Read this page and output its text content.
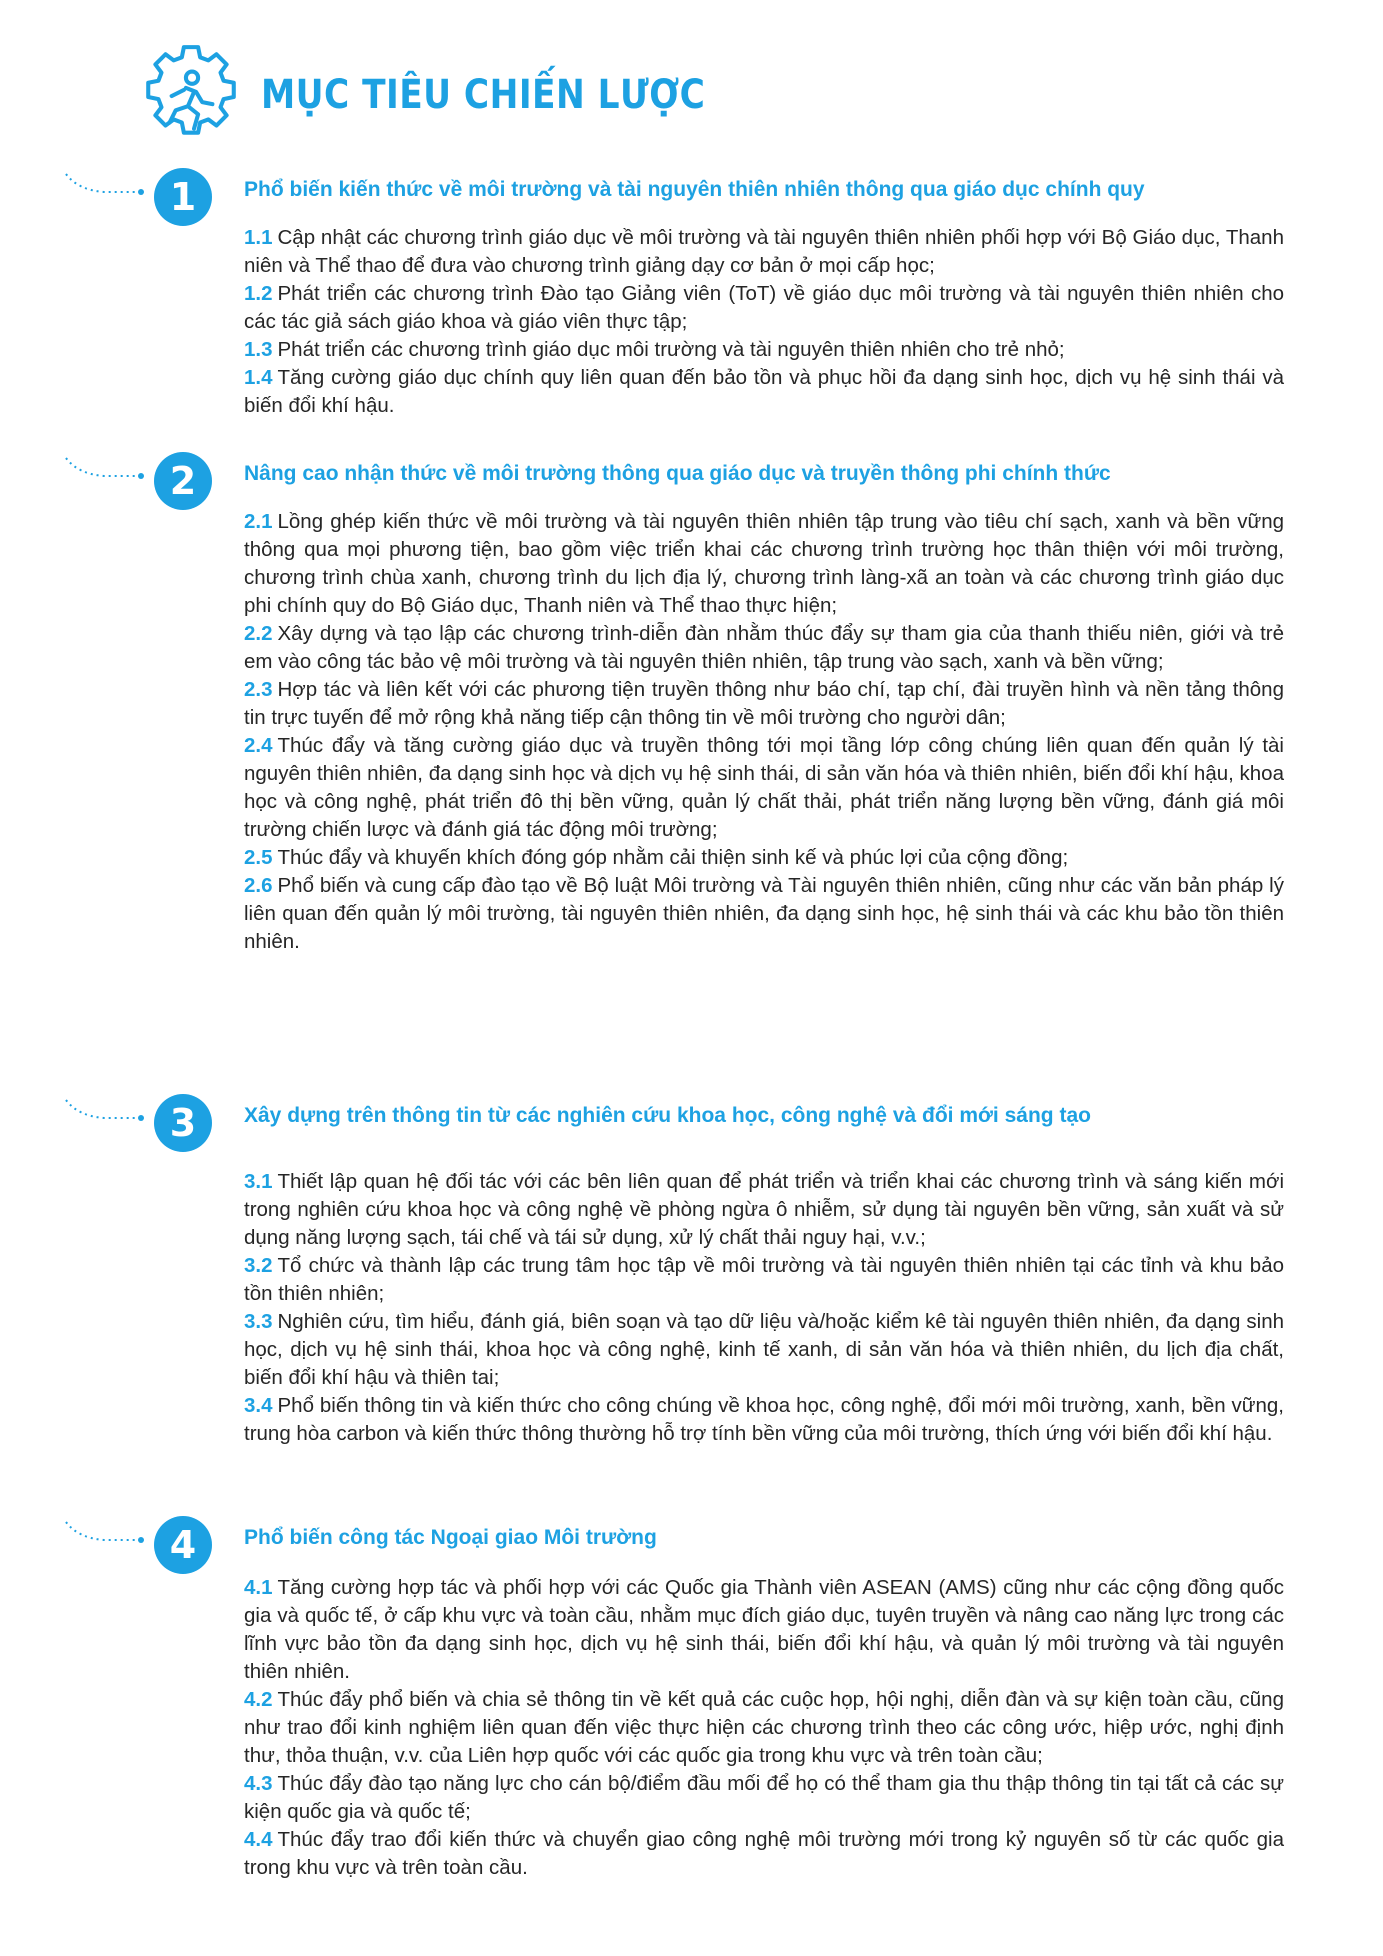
MỤC TIÊU CHIẾN LƯỢC
1	Phổ biến kiến thức về môi trường và tài nguyên thiên nhiên thông qua giáo dục chính quy
1.1 Cập nhật các chương trình giáo dục về môi trường và tài nguyên thiên nhiên phối hợp với Bộ Giáo dục, Thanh niên và Thể thao để đưa vào chương trình giảng dạy cơ bản ở mọi cấp học;
1.2 Phát triển các chương trình Đào tạo Giảng viên (ToT) về giáo dục môi trường và tài nguyên thiên nhiên cho các tác giả sách giáo khoa và giáo viên thực tập;
1.3 Phát triển các chương trình giáo dục môi trường và tài nguyên thiên nhiên cho trẻ nhỏ;
1.4 Tăng cường giáo dục chính quy liên quan đến bảo tồn và phục hồi đa dạng sinh học, dịch vụ hệ sinh thái và biến đổi khí hậu.
2	Nâng cao nhận thức về môi trường thông qua giáo dục và truyền thông phi chính thức
2.1 Lồng ghép kiến thức về môi trường và tài nguyên thiên nhiên tập trung vào tiêu chí sạch, xanh và bền vững thông qua mọi phương tiện, bao gồm việc triển khai các chương trình trường học thân thiện với môi trường, chương trình chùa xanh, chương trình du lịch địa lý, chương trình làng-xã an toàn và các chương trình giáo dục phi chính quy do Bộ Giáo dục, Thanh niên và Thể thao thực hiện;
2.2 Xây dựng và tạo lập các chương trình-diễn đàn nhằm thúc đẩy sự tham gia của thanh thiếu niên, giới và trẻ em vào công tác bảo vệ môi trường và tài nguyên thiên nhiên, tập trung vào sạch, xanh và bền vững;
2.3 Hợp tác và liên kết với các phương tiện truyền thông như báo chí, tạp chí, đài truyền hình và nền tảng thông tin trực tuyến để mở rộng khả năng tiếp cận thông tin về môi trường cho người dân;
2.4 Thúc đẩy và tăng cường giáo dục và truyền thông tới mọi tầng lớp công chúng liên quan đến quản lý tài nguyên thiên nhiên, đa dạng sinh học và dịch vụ hệ sinh thái, di sản văn hóa và thiên nhiên, biến đổi khí hậu, khoa học và công nghệ, phát triển đô thị bền vững, quản lý chất thải, phát triển năng lượng bền vững, đánh giá môi trường chiến lược và đánh giá tác động môi trường;
2.5 Thúc đẩy và khuyến khích đóng góp nhằm cải thiện sinh kế và phúc lợi của cộng đồng;
2.6 Phổ biến và cung cấp đào tạo về Bộ luật Môi trường và Tài nguyên thiên nhiên, cũng như các văn bản pháp lý liên quan đến quản lý môi trường, tài nguyên thiên nhiên, đa dạng sinh học, hệ sinh thái và các khu bảo tồn thiên nhiên.
3	Xây dựng trên thông tin từ các nghiên cứu khoa học, công nghệ và đổi mới sáng tạo
3.1 Thiết lập quan hệ đối tác với các bên liên quan để phát triển và triển khai các chương trình và sáng kiến mới trong nghiên cứu khoa học và công nghệ về phòng ngừa ô nhiễm, sử dụng tài nguyên bền vững, sản xuất và sử dụng năng lượng sạch, tái chế và tái sử dụng, xử lý chất thải nguy hại, v.v.;
3.2 Tổ chức và thành lập các trung tâm học tập về môi trường và tài nguyên thiên nhiên tại các tỉnh và khu bảo tồn thiên nhiên;
3.3 Nghiên cứu, tìm hiểu, đánh giá, biên soạn và tạo dữ liệu và/hoặc kiểm kê tài nguyên thiên nhiên, đa dạng sinh học, dịch vụ hệ sinh thái, khoa học và công nghệ, kinh tế xanh, di sản văn hóa và thiên nhiên, du lịch địa chất, biến đổi khí hậu và thiên tai;
3.4 Phổ biến thông tin và kiến thức cho công chúng về khoa học, công nghệ, đổi mới môi trường, xanh, bền vững, trung hòa carbon và kiến thức thông thường hỗ trợ tính bền vững của môi trường, thích ứng với biến đổi khí hậu.
4	Phổ biến công tác Ngoại giao Môi trường
4.1 Tăng cường hợp tác và phối hợp với các Quốc gia Thành viên ASEAN (AMS) cũng như các cộng đồng quốc gia và quốc tế, ở cấp khu vực và toàn cầu, nhằm mục đích giáo dục, tuyên truyền và nâng cao năng lực trong các lĩnh vực bảo tồn đa dạng sinh học, dịch vụ hệ sinh thái, biến đổi khí hậu, và quản lý môi trường và tài nguyên thiên nhiên.
4.2 Thúc đẩy phổ biến và chia sẻ thông tin về kết quả các cuộc họp, hội nghị, diễn đàn và sự kiện toàn cầu, cũng như trao đổi kinh nghiệm liên quan đến việc thực hiện các chương trình theo các công ước, hiệp ước, nghị định thư, thỏa thuận, v.v. của Liên hợp quốc với các quốc gia trong khu vực và trên toàn cầu;
4.3 Thúc đẩy đào tạo năng lực cho cán bộ/điểm đầu mối để họ có thể tham gia thu thập thông tin tại tất cả các sự kiện quốc gia và quốc tế;
4.4 Thúc đẩy trao đổi kiến thức và chuyển giao công nghệ môi trường mới trong kỷ nguyên số từ các quốc gia trong khu vực và trên toàn cầu.
